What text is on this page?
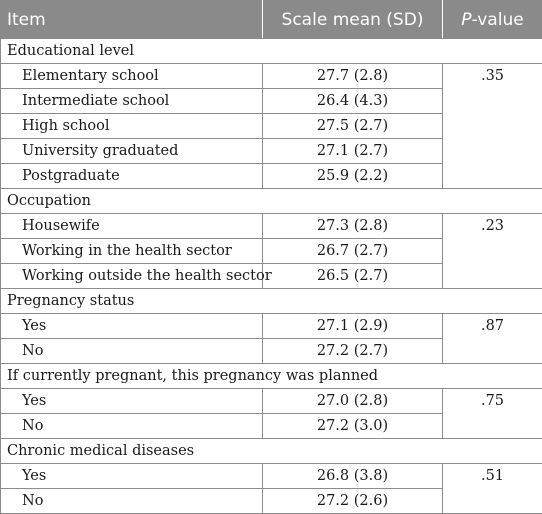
Item	Scale mean (SD)	P-value
Educational level		
Elementary school	27.7 (2.8)	.35
Intermediate school	26.4 (4.3)	
High school	27.5 (2.7)	
University graduated	27.1 (2.7)	
Postgraduate	25.9 (2.2)	
Occupation		
Housewife	27.3 (2.8)	.23
Working in the health sector	26.7 (2.7)	
Working outside the health sector	26.5 (2.7)	
Pregnancy status		
Yes	27.1 (2.9)	.87
No	27.2 (2.7)	
If currently pregnant, this pregnancy was planned		
Yes	27.0 (2.8)	.75
No	27.2 (3.0)	
Chronic medical diseases		
Yes	26.8 (3.8)	.51
No	27.2 (2.6)	
